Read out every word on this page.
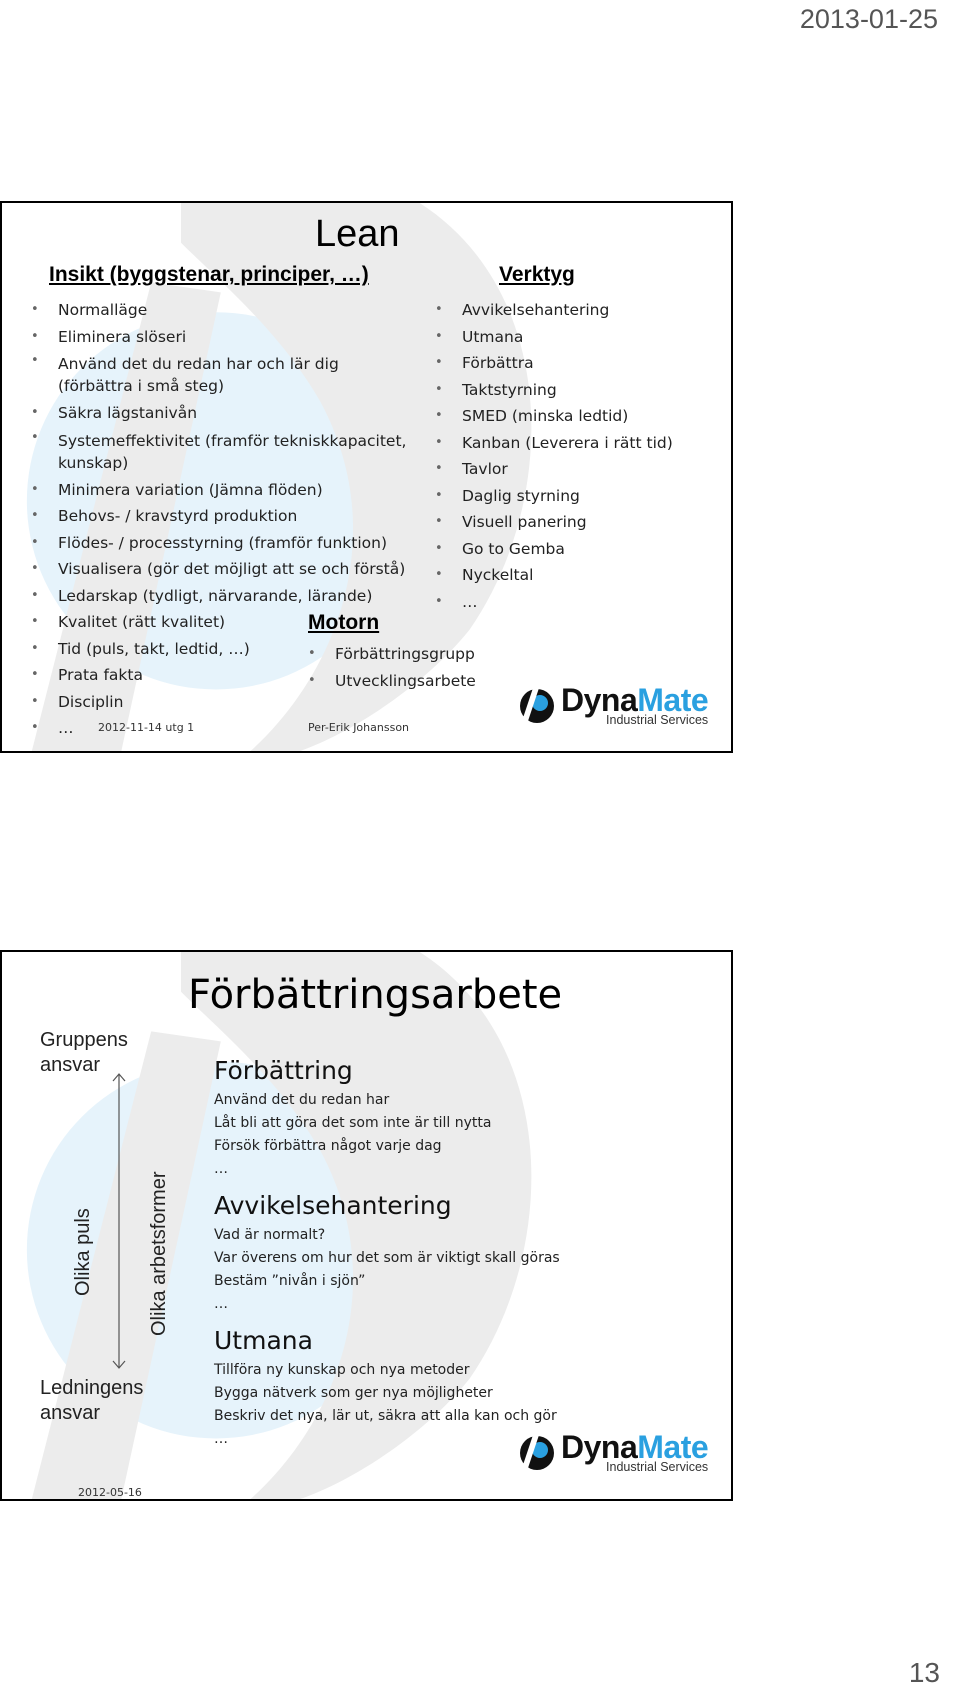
2013-01-25
Lean
Insikt (byggstenar, principer, …)	Verktyg
• Normalläge
• Eliminera slöseri
• Använd det du redan har och lär dig (förbättra i små steg)
• Säkra lägstanivån
• Systemeffektivitet (framför tekniskkapacitet, kunskap)
• Minimera variation (Jämna flöden)
• Behovs- / kravstyrd produktion
• Flödes- / processtyrning (framför funktion)
• Visualisera (gör det möjligt att se och förstå)
• Ledarskap (tydligt, närvarande, lärande)
• Kvalitet (rätt kvalitet)
• Tid (puls, takt, ledtid, …)
• Prata fakta
• Disciplin
• …
• Avvikelsehantering
• Utmana
• Förbättra
• Taktstyrning
• SMED (minska ledtid)
• Kanban (Leverera i rätt tid)
• Tavlor
• Daglig styrning
• Visuell panering
• Go to Gemba
• Nyckeltal
• …
Motorn
• Förbättringsgrupp
• Utvecklingsarbete
2012-11-14 utg 1	Per-Erik Johansson
DynaMate
Industrial Services
Förbättringsarbete
Gruppens ansvar
Ledningens ansvar
Olika puls	Olika arbetsformer
Förbättring
Använd det du redan har
Låt bli att göra det som inte är till nytta
Försök förbättra något varje dag
…
Avvikelsehantering
Vad är normalt?
Var överens om hur det som är viktigt skall göras
Bestäm ”nivån i sjön”
…
Utmana
Tillföra ny kunskap och nya metoder
Bygga nätverk som ger nya möjligheter
Beskriv det nya, lär ut, säkra att alla kan och gör
…
2012-05-16
DynaMate
Industrial Services
13
